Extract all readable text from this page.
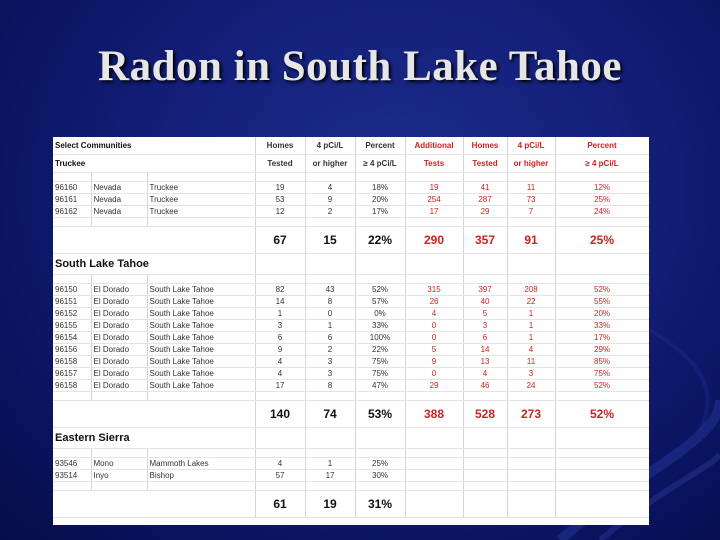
Radon in South Lake Tahoe
Select Communities			Homes	4 pCi/L	Percent	Additional	Homes	4 pCi/L	Percent
Truckee			Tested	or higher	≥ 4 pCi/L	Tests	Tested	or higher	≥ 4 pCi/L

96160	Nevada	Truckee	19	4	18%	19	41	11	12%
96161	Nevada	Truckee	53	9	20%	254	287	73	25%
96162	Nevada	Truckee	12	2	17%	17	29	7	24%

			67	15	22%	290	357	91	25%
South Lake Tahoe									

96150	El Dorado	South Lake Tahoe	82	43	52%	315	397	208	52%
96151	El Dorado	South Lake Tahoe	14	8	57%	26	40	22	55%
96152	El Dorado	South Lake Tahoe	1	0	0%	4	5	1	20%
96155	El Dorado	South Lake Tahoe	3	1	33%	0	3	1	33%
96154	El Dorado	South Lake Tahoe	6	6	100%	0	6	1	17%
96156	El Dorado	South Lake Tahoe	9	2	22%	5	14	4	29%
96158	El Dorado	South Lake Tahoe	4	3	75%	9	13	11	85%
96157	El Dorado	South Lake Tahoe	4	3	75%	0	4	3	75%
96158	El Dorado	South Lake Tahoe	17	8	47%	29	46	24	52%

			140	74	53%	388	528	273	52%
Eastern Sierra									

93546	Mono	Mammoth Lakes	4	1	25%				
93514	Inyo	Bishop	57	17	30%				

			61	19	31%				
